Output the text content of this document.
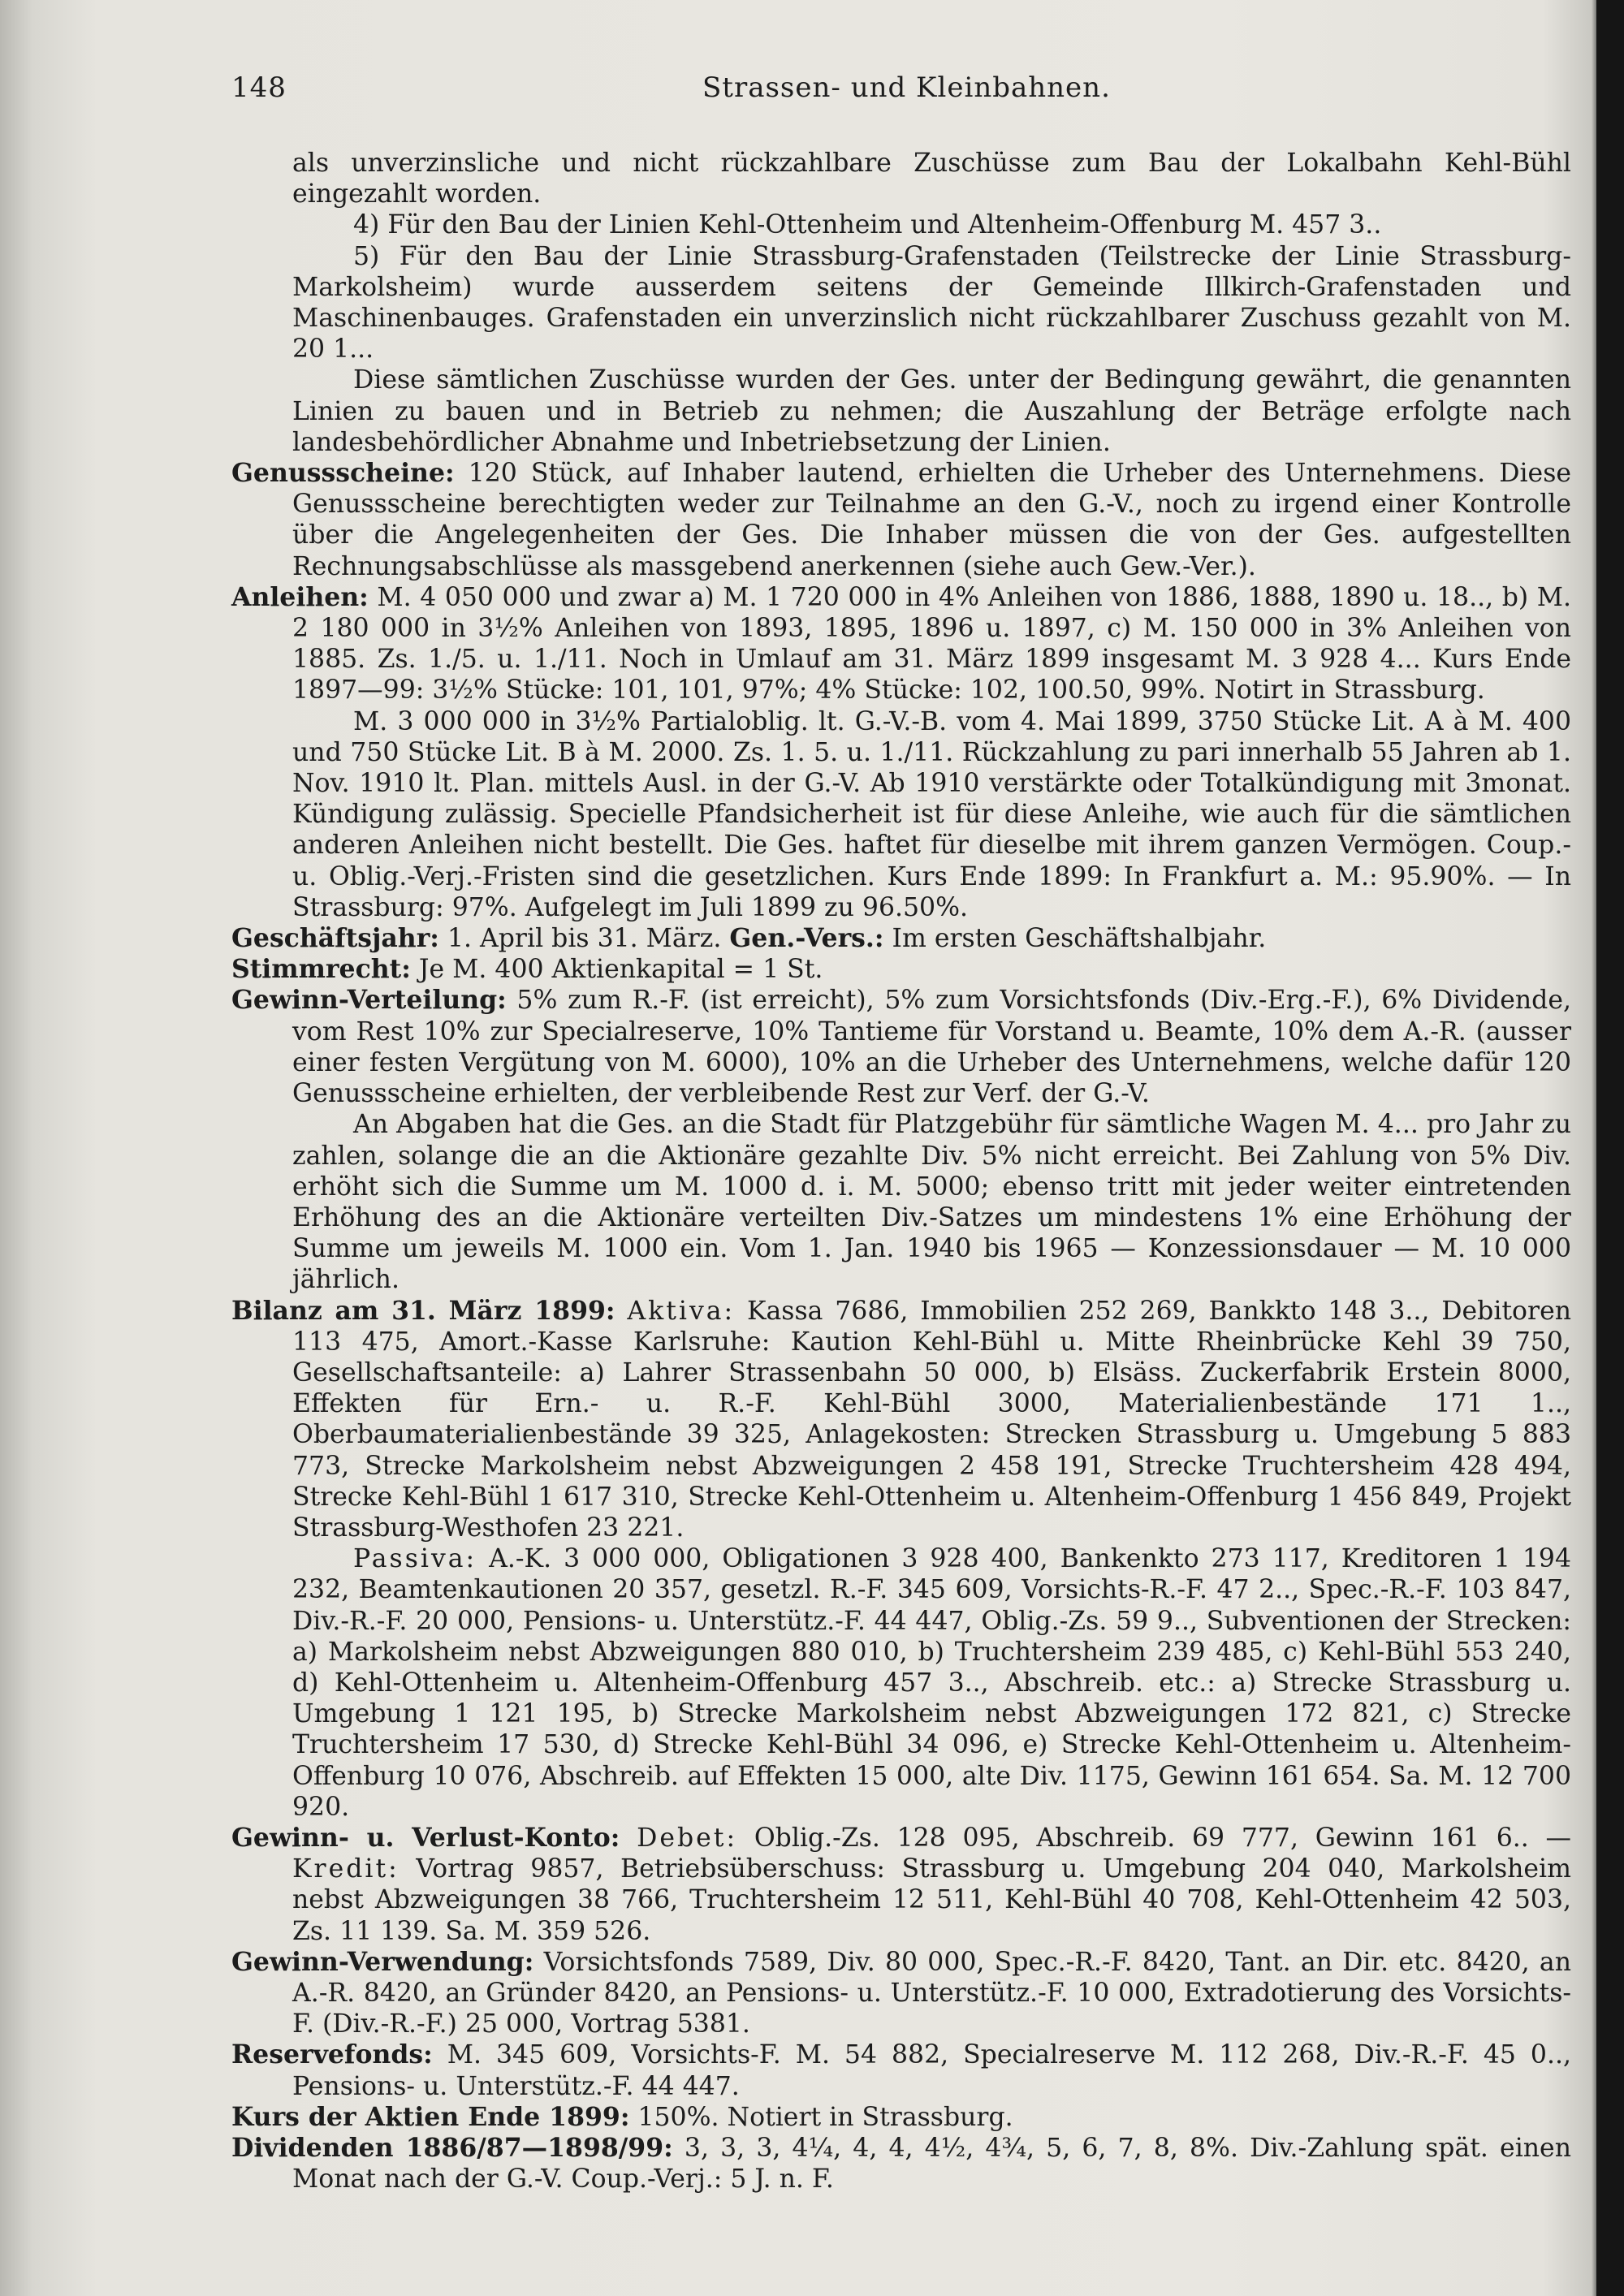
148	Strassen- und Kleinbahnen.

als unverzinsliche und nicht rückzahlbare Zuschüsse zum Bau der Lokalbahn Kehl-Bühl eingezahlt worden.

4) Für den Bau der Linien Kehl-Ottenheim und Altenheim-Offenburg M. 457 3..

5) Für den Bau der Linie Strassburg-Grafenstaden (Teilstrecke der Linie Strassburg-Markolsheim) wurde ausserdem seitens der Gemeinde Illkirch-Grafenstaden und Maschinenbauges. Grafenstaden ein unverzinslich nicht rückzahlbarer Zuschuss gezahlt von M. 20 1...

Diese sämtlichen Zuschüsse wurden der Ges. unter der Bedingung gewährt, die genannten Linien zu bauen und in Betrieb zu nehmen; die Auszahlung der Beträge erfolgte nach landesbehördlicher Abnahme und Inbetriebsetzung der Linien.

Genussscheine: 120 Stück, auf Inhaber lautend, erhielten die Urheber des Unternehmens. Diese Genussscheine berechtigten weder zur Teilnahme an den G.-V., noch zu irgend einer Kontrolle über die Angelegenheiten der Ges. Die Inhaber müssen die von der Ges. aufgestellten Rechnungsabschlüsse als massgebend anerkennen (siehe auch Gew.-Ver.).

Anleihen: M. 4 050 000 und zwar a) M. 1 720 000 in 4% Anleihen von 1886, 1888, 1890 u. 18.., b) M. 2 180 000 in 3½% Anleihen von 1893, 1895, 1896 u. 1897, c) M. 150 000 in 3% Anleihen von 1885. Zs. 1./5. u. 1./11. Noch in Umlauf am 31. März 1899 insgesamt M. 3 928 4... Kurs Ende 1897—99: 3½% Stücke: 101, 101, 97%; 4% Stücke: 102, 100.50, 99%. Notirt in Strassburg.

M. 3 000 000 in 3½% Partialoblig. lt. G.-V.-B. vom 4. Mai 1899, 3750 Stücke Lit. A à M. 400 und 750 Stücke Lit. B à M. 2000. Zs. 1. 5. u. 1./11. Rückzahlung zu pari innerhalb 55 Jahren ab 1. Nov. 1910 lt. Plan. mittels Ausl. in der G.-V. Ab 1910 verstärkte oder Totalkündigung mit 3monat. Kündigung zulässig. Specielle Pfandsicherheit ist für diese Anleihe, wie auch für die sämtlichen anderen Anleihen nicht bestellt. Die Ges. haftet für dieselbe mit ihrem ganzen Vermögen. Coup.- u. Oblig.-Verj.-Fristen sind die gesetzlichen. Kurs Ende 1899: In Frankfurt a. M.: 95.90%. — In Strassburg: 97%. Aufgelegt im Juli 1899 zu 96.50%.

Geschäftsjahr: 1. April bis 31. März. Gen.-Vers.: Im ersten Geschäftshalbjahr.

Stimmrecht: Je M. 400 Aktienkapital = 1 St.

Gewinn-Verteilung: 5% zum R.-F. (ist erreicht), 5% zum Vorsichtsfonds (Div.-Erg.-F.), 6% Dividende, vom Rest 10% zur Specialreserve, 10% Tantieme für Vorstand u. Beamte, 10% dem A.-R. (ausser einer festen Vergütung von M. 6000), 10% an die Urheber des Unternehmens, welche dafür 120 Genussscheine erhielten, der verbleibende Rest zur Verf. der G.-V.

An Abgaben hat die Ges. an die Stadt für Platzgebühr für sämtliche Wagen M. 4... pro Jahr zu zahlen, solange die an die Aktionäre gezahlte Div. 5% nicht erreicht. Bei Zahlung von 5% Div. erhöht sich die Summe um M. 1000 d. i. M. 5000; ebenso tritt mit jeder weiter eintretenden Erhöhung des an die Aktionäre verteilten Div.-Satzes um mindestens 1% eine Erhöhung der Summe um jeweils M. 1000 ein. Vom 1. Jan. 1940 bis 1965 — Konzessionsdauer — M. 10 000 jährlich.

Bilanz am 31. März 1899: Aktiva: Kassa 7686, Immobilien 252 269, Bankkto 148 3.., Debitoren 113 475, Amort.-Kasse Karlsruhe: Kaution Kehl-Bühl u. Mitte Rheinbrücke Kehl 39 750, Gesellschaftsanteile: a) Lahrer Strassenbahn 50 000, b) Elsäss. Zuckerfabrik Erstein 8000, Effekten für Ern.- u. R.-F. Kehl-Bühl 3000, Materialienbestände 171 1.., Oberbaumaterialienbestände 39 325, Anlagekosten: Strecken Strassburg u. Umgebung 5 883 773, Strecke Markolsheim nebst Abzweigungen 2 458 191, Strecke Truchtersheim 428 494, Strecke Kehl-Bühl 1 617 310, Strecke Kehl-Ottenheim u. Altenheim-Offenburg 1 456 849, Projekt Strassburg-Westhofen 23 221.

Passiva: A.-K. 3 000 000, Obligationen 3 928 400, Bankenkto 273 117, Kreditoren 1 194 232, Beamtenkautionen 20 357, gesetzl. R.-F. 345 609, Vorsichts-R.-F. 47 2.., Spec.-R.-F. 103 847, Div.-R.-F. 20 000, Pensions- u. Unterstütz.-F. 44 447, Oblig.-Zs. 59 9.., Subventionen der Strecken: a) Markolsheim nebst Abzweigungen 880 010, b) Truchtersheim 239 485, c) Kehl-Bühl 553 240, d) Kehl-Ottenheim u. Altenheim-Offenburg 457 3.., Abschreib. etc.: a) Strecke Strassburg u. Umgebung 1 121 195, b) Strecke Markolsheim nebst Abzweigungen 172 821, c) Strecke Truchtersheim 17 530, d) Strecke Kehl-Bühl 34 096, e) Strecke Kehl-Ottenheim u. Altenheim-Offenburg 10 076, Abschreib. auf Effekten 15 000, alte Div. 1175, Gewinn 161 654. Sa. M. 12 700 920.

Gewinn- u. Verlust-Konto: Debet: Oblig.-Zs. 128 095, Abschreib. 69 777, Gewinn 161 6.. — Kredit: Vortrag 9857, Betriebsüberschuss: Strassburg u. Umgebung 204 040, Markolsheim nebst Abzweigungen 38 766, Truchtersheim 12 511, Kehl-Bühl 40 708, Kehl-Ottenheim 42 503, Zs. 11 139. Sa. M. 359 526.

Gewinn-Verwendung: Vorsichtsfonds 7589, Div. 80 000, Spec.-R.-F. 8420, Tant. an Dir. etc. 8420, an A.-R. 8420, an Gründer 8420, an Pensions- u. Unterstütz.-F. 10 000, Extradotierung des Vorsichts-F. (Div.-R.-F.) 25 000, Vortrag 5381.

Reservefonds: M. 345 609, Vorsichts-F. M. 54 882, Specialreserve M. 112 268, Div.-R.-F. 45 0.., Pensions- u. Unterstütz.-F. 44 447.

Kurs der Aktien Ende 1899: 150%. Notiert in Strassburg.

Dividenden 1886/87—1898/99: 3, 3, 3, 4¼, 4, 4, 4½, 4¾, 5, 6, 7, 8, 8%. Div.-Zahlung spät. einen Monat nach der G.-V. Coup.-Verj.: 5 J. n. F.
